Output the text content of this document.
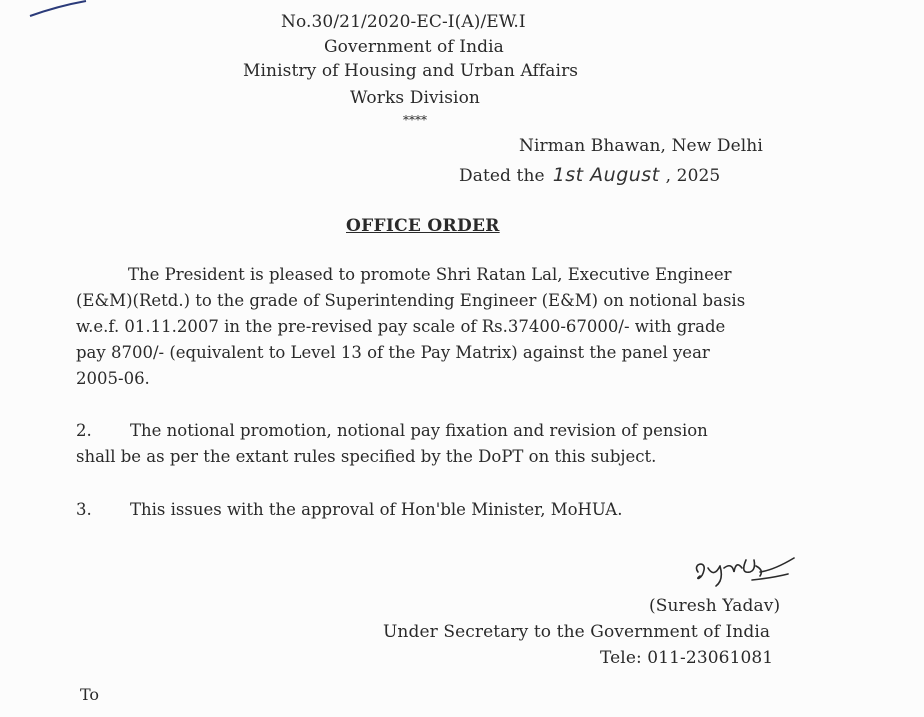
No.30/21/2020-EC-I(A)/EW.I
Government of India
Ministry of Housing and Urban Affairs
Works Division
****
Nirman Bhawan, New Delhi
Dated the 1st August , 2025
OFFICE ORDER
The President is pleased to promote Shri Ratan Lal, Executive Engineer
(E&M)(Retd.) to the grade of Superintending Engineer (E&M) on notional basis
w.e.f. 01.11.2007 in the pre-revised pay scale of Rs.37400-67000/- with grade
pay 8700/- (equivalent to Level 13 of the Pay Matrix) against the panel year
2005-06.
2. The notional promotion, notional pay fixation and revision of pension
shall be as per the extant rules specified by the DoPT on this subject.
3. This issues with the approval of Hon'ble Minister, MoHUA.
(Suresh Yadav)
Under Secretary to the Government of India
Tele: 011-23061081
To
